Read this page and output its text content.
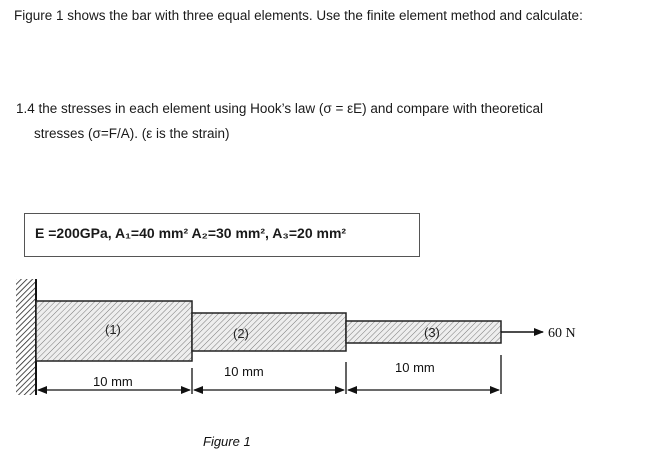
Figure 1 shows the bar with three equal elements. Use the finite element method and calculate:
1.4 the stresses in each element using Hook’s law (σ = εE) and compare with theoretical
stresses (σ=F/A). (ε is the strain)
E =200GPa, A₁=40 mm² A₂=30 mm², A₃=20 mm²
(1)	(2)	(3)	60 N
10 mm
10 mm	10 mm
Figure 1
